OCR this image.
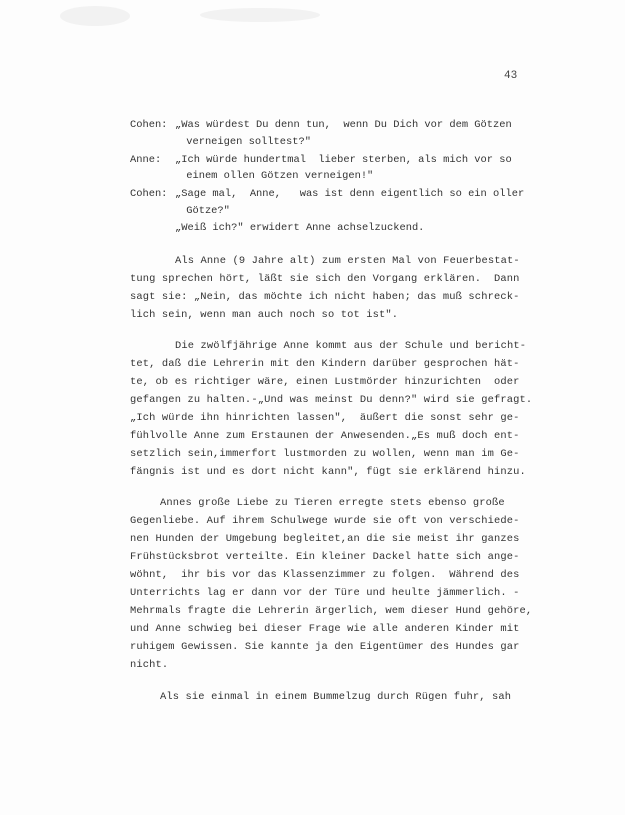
43
Cohen: „Was würdest Du denn tun,  wenn Du Dich vor dem Götzen
verneigen solltest?"
Anne: „Ich würde hundertmal  lieber sterben, als mich vor so
einem ollen Götzen verneigen!"
Cohen: „Sage mal,  Anne,   was ist denn eigentlich so ein oller
Götze?"
„Weiß ich?" erwidert Anne achselzuckend.
Als Anne (9 Jahre alt) zum ersten Mal von Feuerbestat-
tung sprechen hört, läßt sie sich den Vorgang erklären.  Dann
sagt sie: „Nein, das möchte ich nicht haben; das muß schreck-
lich sein, wenn man auch noch so tot ist".
Die zwölfjährige Anne kommt aus der Schule und bericht-
tet, daß die Lehrerin mit den Kindern darüber gesprochen hät-
te, ob es richtiger wäre, einen Lustmörder hinzurichten  oder
gefangen zu halten.-„Und was meinst Du denn?" wird sie gefragt.
„Ich würde ihn hinrichten lassen",  äußert die sonst sehr ge-
fühlvolle Anne zum Erstaunen der Anwesenden.„Es muß doch ent-
setzlich sein,immerfort lustmorden zu wollen, wenn man im Ge-
fängnis ist und es dort nicht kann", fügt sie erklärend hinzu.
Annes große Liebe zu Tieren erregte stets ebenso große
Gegenliebe. Auf ihrem Schulwege wurde sie oft von verschiede-
nen Hunden der Umgebung begleitet,an die sie meist ihr ganzes
Frühstücksbrot verteilte. Ein kleiner Dackel hatte sich ange-
wöhnt,  ihr bis vor das Klassenzimmer zu folgen.  Während des
Unterrichts lag er dann vor der Türe und heulte jämmerlich. -
Mehrmals fragte die Lehrerin ärgerlich, wem dieser Hund gehöre,
und Anne schwieg bei dieser Frage wie alle anderen Kinder mit
ruhigem Gewissen. Sie kannte ja den Eigentümer des Hundes gar
nicht.
Als sie einmal in einem Bummelzug durch Rügen fuhr, sah
